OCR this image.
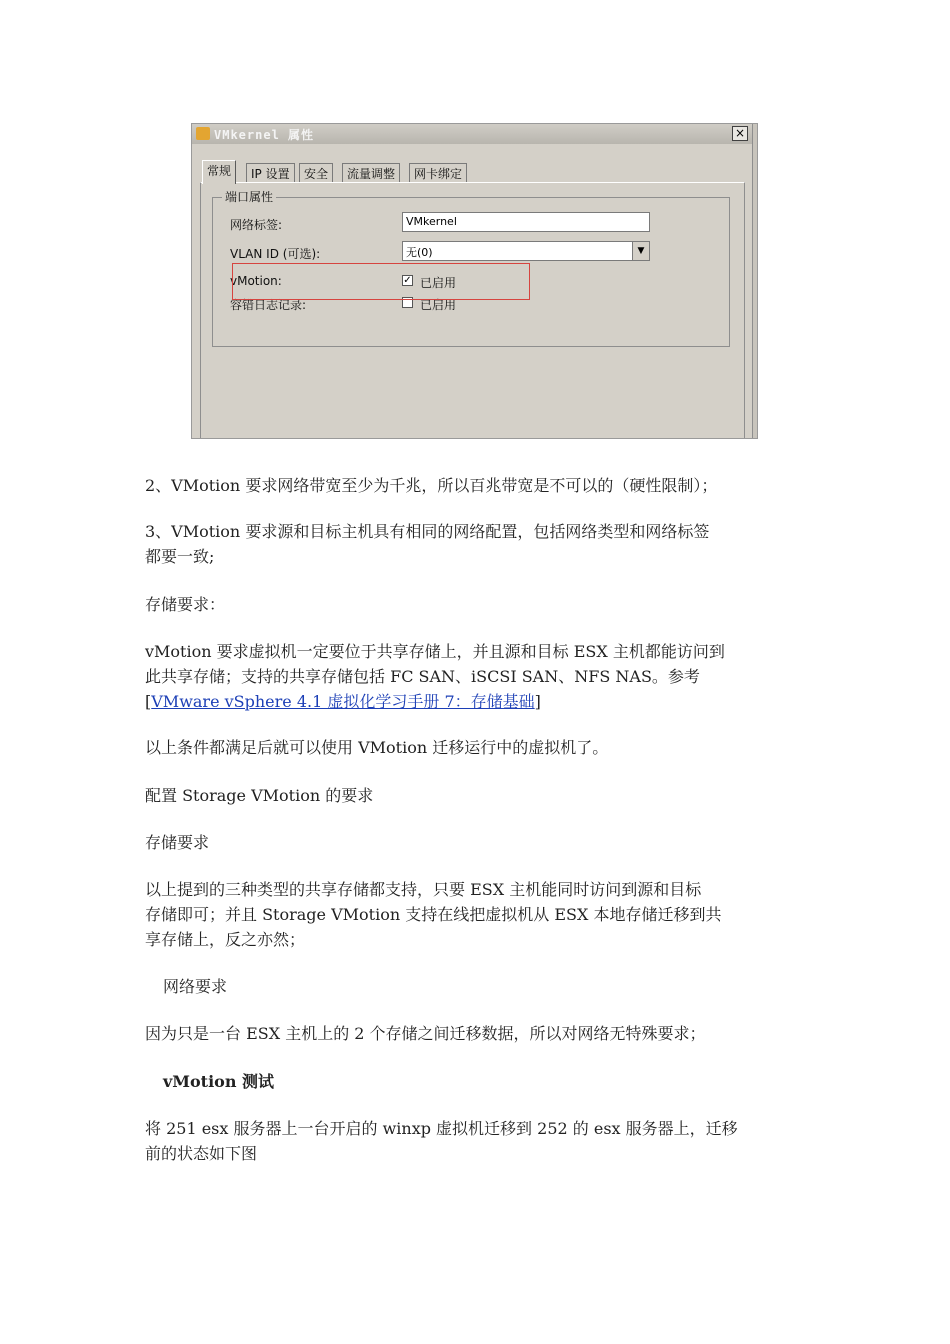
VMkernel 属性	×
常规	IP 设置	安全	流量调整	网卡绑定
端口属性
网络标签:	VMkernel
VLAN ID (可选):	无(0)	▼
vMotion:	✓ 已启用
容错日志记录:	已启用

2、VMotion 要求网络带宽至少为千兆，所以百兆带宽是不可以的（硬性限制）；

3、VMotion 要求源和目标主机具有相同的网络配置，包括网络类型和网络标签
都要一致;

存储要求：

vMotion 要求虚拟机一定要位于共享存储上，并且源和目标 ESX 主机都能访问到
此共享存储；支持的共享存储包括 FC SAN、iSCSI SAN、NFS NAS。参考
[VMware vSphere 4.1 虚拟化学习手册 7：存储基础]

以上条件都满足后就可以使用 VMotion 迁移运行中的虚拟机了。

配置 Storage VMotion 的要求

存储要求

以上提到的三种类型的共享存储都支持，只要 ESX 主机能同时访问到源和目标
存储即可；并且 Storage VMotion 支持在线把虚拟机从 ESX 本地存储迁移到共
享存储上，反之亦然；

网络要求

因为只是一台 ESX 主机上的 2 个存储之间迁移数据，所以对网络无特殊要求；

vMotion 测试

将 251 esx 服务器上一台开启的 winxp 虚拟机迁移到 252 的 esx 服务器上，迁移
前的状态如下图
